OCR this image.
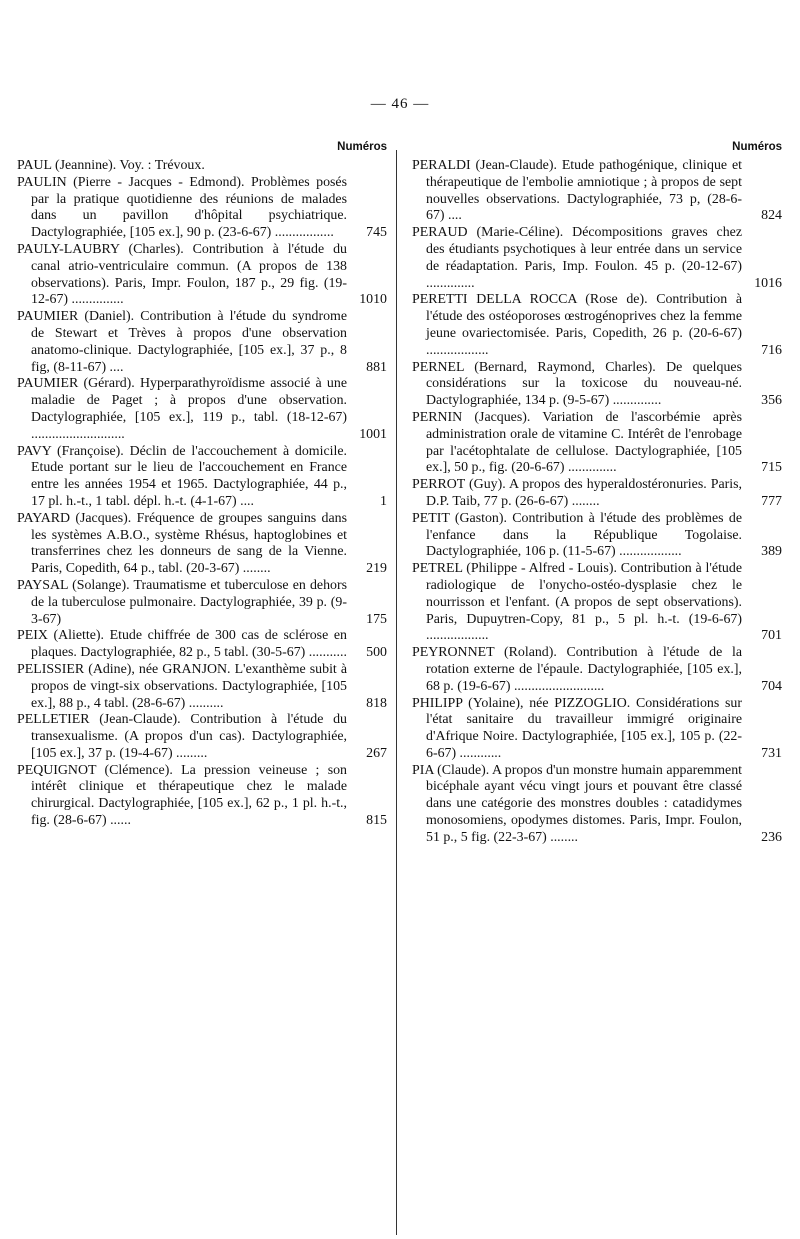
— 46 —
Numéros
PAUL (Jeannine). Voy. : Trévoux.
PAULIN (Pierre - Jacques - Edmond). Problèmes posés par la pratique quotidienne des réunions de malades dans un pavillon d'hôpital psychiatrique. Dactylographiée, [105 ex.], 90 p. (23-6-67) .................	745
PAULY-LAUBRY (Charles). Contribution à l'étude du canal atrio-ventriculaire commun. (A propos de 138 observations). Paris, Impr. Foulon, 187 p., 29 fig. (19-12-67) ...............	1010
PAUMIER (Daniel). Contribution à l'étude du syndrome de Stewart et Trèves à propos d'une observation anatomo-clinique. Dactylographiée, [105 ex.], 37 p., 8 fig, (8-11-67) ....	881
PAUMIER (Gérard). Hyperparathyroïdisme associé à une maladie de Paget ; à propos d'une observation. Dactylographiée, [105 ex.], 119 p., tabl. (18-12-67) ...........................	1001
PAVY (Françoise). Déclin de l'accouchement à domicile. Etude portant sur le lieu de l'accouchement en France entre les années 1954 et 1965. Dactylographiée, 44 p., 17 pl. h.-t., 1 tabl. dépl. h.-t. (4-1-67) ....	1
PAYARD (Jacques). Fréquence de groupes sanguins dans les systèmes A.B.O., système Rhésus, haptoglobines et transferrines chez les donneurs de sang de la Vienne. Paris, Copedith, 64 p., tabl. (20-3-67) ........	219
PAYSAL (Solange). Traumatisme et tuberculose en dehors de la tuberculose pulmonaire. Dactylographiée, 39 p. (9-3-67)	175
PEIX (Aliette). Etude chiffrée de 300 cas de sclérose en plaques. Dactylographiée, 82 p., 5 tabl. (30-5-67) ...........	500
PELISSIER (Adine), née GRANJON. L'exanthème subit à propos de vingt-six observations. Dactylographiée, [105 ex.], 88 p., 4 tabl. (28-6-67) ..........	818
PELLETIER (Jean-Claude). Contribution à l'étude du transexualisme. (A propos d'un cas). Dactylographiée, [105 ex.], 37 p. (19-4-67) .........	267
PEQUIGNOT (Clémence). La pression veineuse ; son intérêt clinique et thérapeutique chez le malade chirurgical. Dactylographiée, [105 ex.], 62 p., 1 pl. h.-t., fig. (28-6-67) ......	815
Numéros
PERALDI (Jean-Claude). Etude pathogénique, clinique et thérapeutique de l'embolie amniotique ; à propos de sept nouvelles observations. Dactylographiée, 73 p, (28-6-67) ....	824
PERAUD (Marie-Céline). Décompositions graves chez des étudiants psychotiques à leur entrée dans un service de réadaptation. Paris, Imp. Foulon. 45 p. (20-12-67) ..............	1016
PERETTI DELLA ROCCA (Rose de). Contribution à l'étude des ostéoporoses œstrogénoprives chez la femme jeune ovariectomisée. Paris, Copedith, 26 p. (20-6-67) ..................	716
PERNEL (Bernard, Raymond, Charles). De quelques considérations sur la toxicose du nouveau-né. Dactylographiée, 134 p. (9-5-67) ..............	356
PERNIN (Jacques). Variation de l'ascorbémie après administration orale de vitamine C. Intérêt de l'enrobage par l'acétophtalate de cellulose. Dactylographiée, [105 ex.], 50 p., fig. (20-6-67) ..............	715
PERROT (Guy). A propos des hyperaldostéronuries. Paris, D.P. Taib, 77 p. (26-6-67) ........	777
PETIT (Gaston). Contribution à l'étude des problèmes de l'enfance dans la République Togolaise. Dactylographiée, 106 p. (11-5-67) ..................	389
PETREL (Philippe - Alfred - Louis). Contribution à l'étude radiologique de l'onycho-ostéo-dysplasie chez le nourrisson et l'enfant. (A propos de sept observations). Paris, Dupuytren-Copy, 81 p., 5 pl. h.-t. (19-6-67) ..................	701
PEYRONNET (Roland). Contribution à l'étude de la rotation externe de l'épaule. Dactylographiée, [105 ex.], 68 p. (19-6-67) ..........................	704
PHILIPP (Yolaine), née PIZZOGLIO. Considérations sur l'état sanitaire du travailleur immigré originaire d'Afrique Noire. Dactylographiée, [105 ex.], 105 p. (22-6-67) ............	731
PIA (Claude). A propos d'un monstre humain apparemment bicéphale ayant vécu vingt jours et pouvant être classé dans une catégorie des monstres doubles : catadidymes monosomiens, opodymes distomes. Paris, Impr. Foulon, 51 p., 5 fig. (22-3-67) ........	236
